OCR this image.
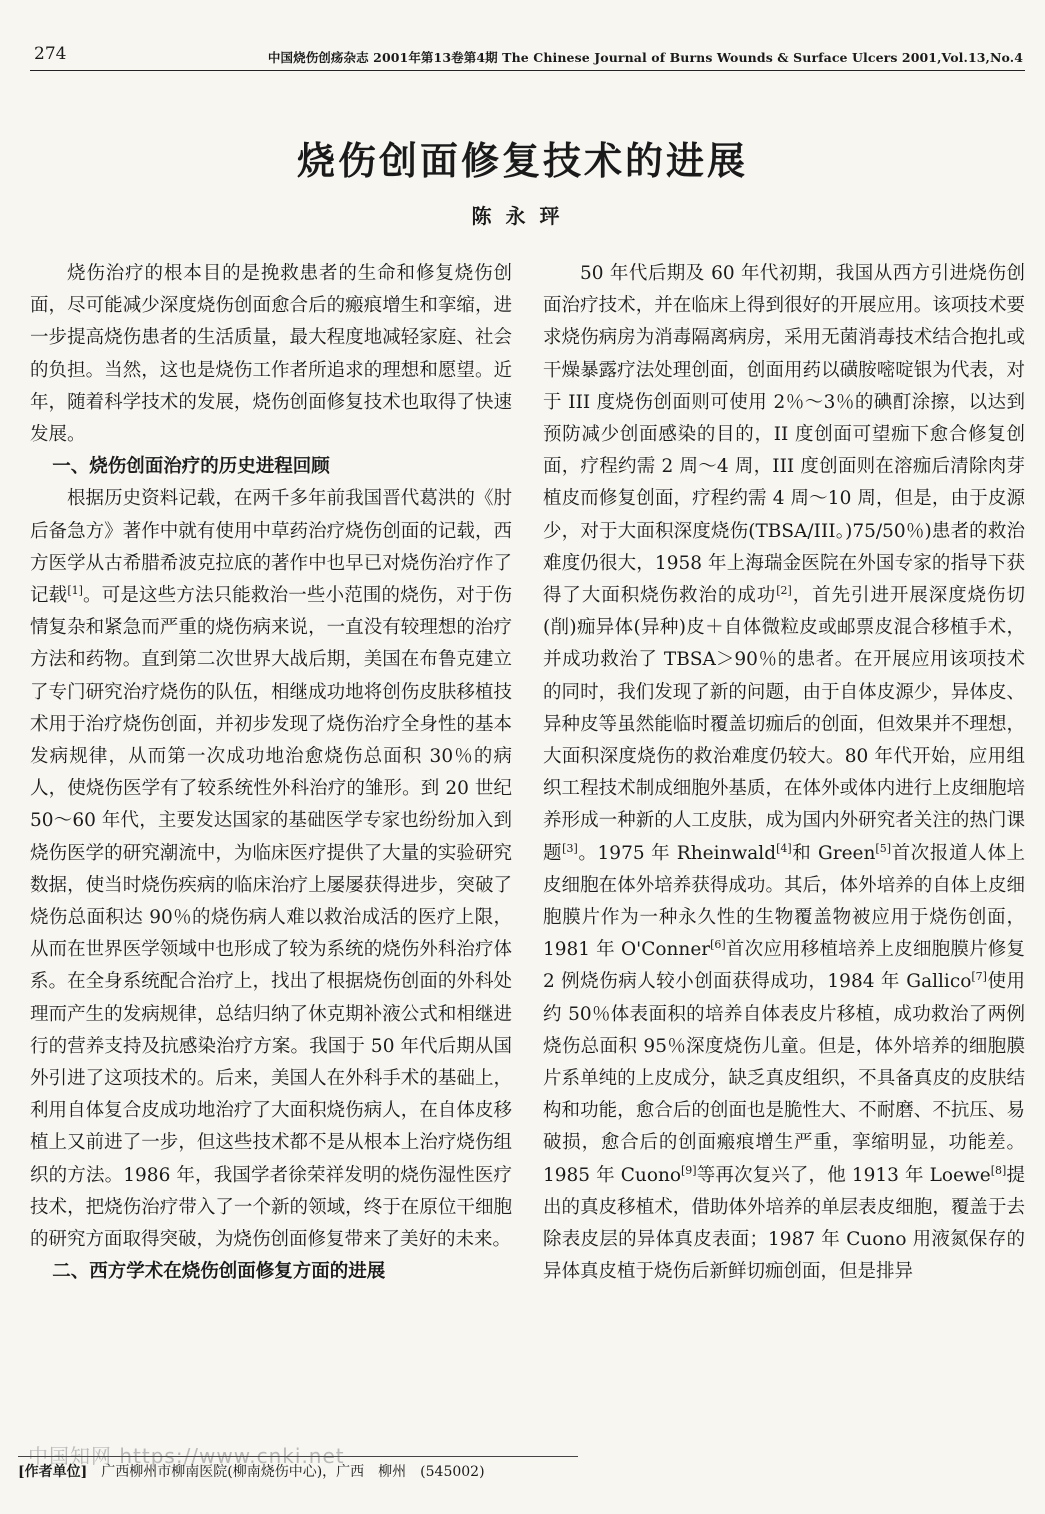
274	中国烧伤创疡杂志 2001年第13卷第4期 The Chinese Journal of Burns Wounds & Surface Ulcers 2001,Vol.13,No.4
烧伤创面修复技术的进展
陈永玶

烧伤治疗的根本目的是挽救患者的生命和修复烧伤创面，尽可能减少深度烧伤创面愈合后的瘢痕增生和挛缩，进一步提高烧伤患者的生活质量，最大程度地减轻家庭、社会的负担。当然，这也是烧伤工作者所追求的理想和愿望。近年，随着科学技术的发展，烧伤创面修复技术也取得了快速发展。

一、烧伤创面治疗的历史进程回顾

根据历史资料记载，在两千多年前我国晋代葛洪的《肘后备急方》著作中就有使用中草药治疗烧伤创面的记载，西方医学从古希腊希波克拉底的著作中也早已对烧伤治疗作了记载[1]。可是这些方法只能救治一些小范围的烧伤，对于伤情复杂和紧急而严重的烧伤病来说，一直没有较理想的治疗方法和药物。直到第二次世界大战后期，美国在布鲁克建立了专门研究治疗烧伤的队伍，相继成功地将创伤皮肤移植技术用于治疗烧伤创面，并初步发现了烧伤治疗全身性的基本发病规律，从而第一次成功地治愈烧伤总面积 30％的病人，使烧伤医学有了较系统性外科治疗的雏形。到 20 世纪 50～60 年代，主要发达国家的基础医学专家也纷纷加入到烧伤医学的研究潮流中，为临床医疗提供了大量的实验研究数据，使当时烧伤疾病的临床治疗上屡屡获得进步，突破了烧伤总面积达 90％的烧伤病人难以救治成活的医疗上限，从而在世界医学领域中也形成了较为系统的烧伤外科治疗体系。在全身系统配合治疗上，找出了根据烧伤创面的外科处理而产生的发病规律，总结归纳了休克期补液公式和相继进行的营养支持及抗感染治疗方案。我国于 50 年代后期从国外引进了这项技术的。后来，美国人在外科手术的基础上，利用自体复合皮成功地治疗了大面积烧伤病人，在自体皮移植上又前进了一步，但这些技术都不是从根本上治疗烧伤组织的方法。1986 年，我国学者徐荣祥发明的烧伤湿性医疗技术，把烧伤治疗带入了一个新的领域，终于在原位干细胞的研究方面取得突破，为烧伤创面修复带来了美好的未来。

二、西方学术在烧伤创面修复方面的进展

50 年代后期及 60 年代初期，我国从西方引进烧伤创面治疗技术，并在临床上得到很好的开展应用。该项技术要求烧伤病房为消毒隔离病房，采用无菌消毒技术结合抱扎或干燥暴露疗法处理创面，创面用药以磺胺嘧啶银为代表，对于 III 度烧伤创面则可使用 2％～3％的碘酊涂擦，以达到预防减少创面感染的目的，II 度创面可望痂下愈合修复创面，疗程约需 2 周～4 周，III 度创面则在溶痂后清除肉芽植皮而修复创面，疗程约需 4 周～10 周，但是，由于皮源少，对于大面积深度烧伤(TBSA/III。)75/50％)患者的救治难度仍很大，1958 年上海瑞金医院在外国专家的指导下获得了大面积烧伤救治的成功[2]，首先引进开展深度烧伤切(削)痂异体(异种)皮＋自体微粒皮或邮票皮混合移植手术，并成功救治了 TBSA＞90％的患者。在开展应用该项技术的同时，我们发现了新的问题，由于自体皮源少，异体皮、异种皮等虽然能临时覆盖切痂后的创面，但效果并不理想，大面积深度烧伤的救治难度仍较大。80 年代开始，应用组织工程技术制成细胞外基质，在体外或体内进行上皮细胞培养形成一种新的人工皮肤，成为国内外研究者关注的热门课题[3]。1975 年 Rheinwald[4]和 Green[5]首次报道人体上皮细胞在体外培养获得成功。其后，体外培养的自体上皮细胞膜片作为一种永久性的生物覆盖物被应用于烧伤创面，1981 年 O'Conner[6]首次应用移植培养上皮细胞膜片修复 2 例烧伤病人较小创面获得成功，1984 年 Gallico[7]使用约 50％体表面积的培养自体表皮片移植，成功救治了两例烧伤总面积 95％深度烧伤儿童。但是，体外培养的细胞膜片系单纯的上皮成分，缺乏真皮组织，不具备真皮的皮肤结构和功能，愈合后的创面也是脆性大、不耐磨、不抗压、易破损，愈合后的创面瘢痕增生严重，挛缩明显，功能差。1985 年 Cuono[9]等再次复兴了，他 1913 年 Loewe[8]提出的真皮移植术，借助体外培养的单层表皮细胞，覆盖于去除表皮层的异体真皮表面；1987 年 Cuono 用液氮保存的异体真皮植于烧伤后新鲜切痂创面，但是排异

中国知网 https://www.cnki.net
[作者单位] 广西柳州市柳南医院(柳南烧伤中心)，广西　柳州　(545002)
